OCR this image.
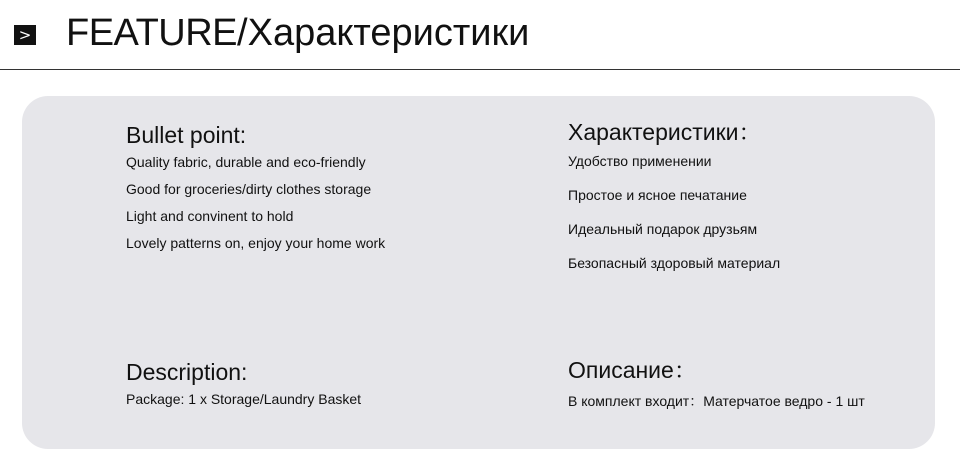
> FEATURE/Характеристики
Bullet point:
Quality fabric, durable and eco-friendly
Good for groceries/dirty clothes storage
Light and convinent to hold
Lovely patterns on, enjoy your home work
Характеристики：
Удобство применении
Простое и ясное печатание
Идеальный подарок друзьям
Безопасный здоровый материал
Description:
Package: 1 x Storage/Laundry Basket
Описание：
В комплект входит：Матерчатое ведро - 1 шт
